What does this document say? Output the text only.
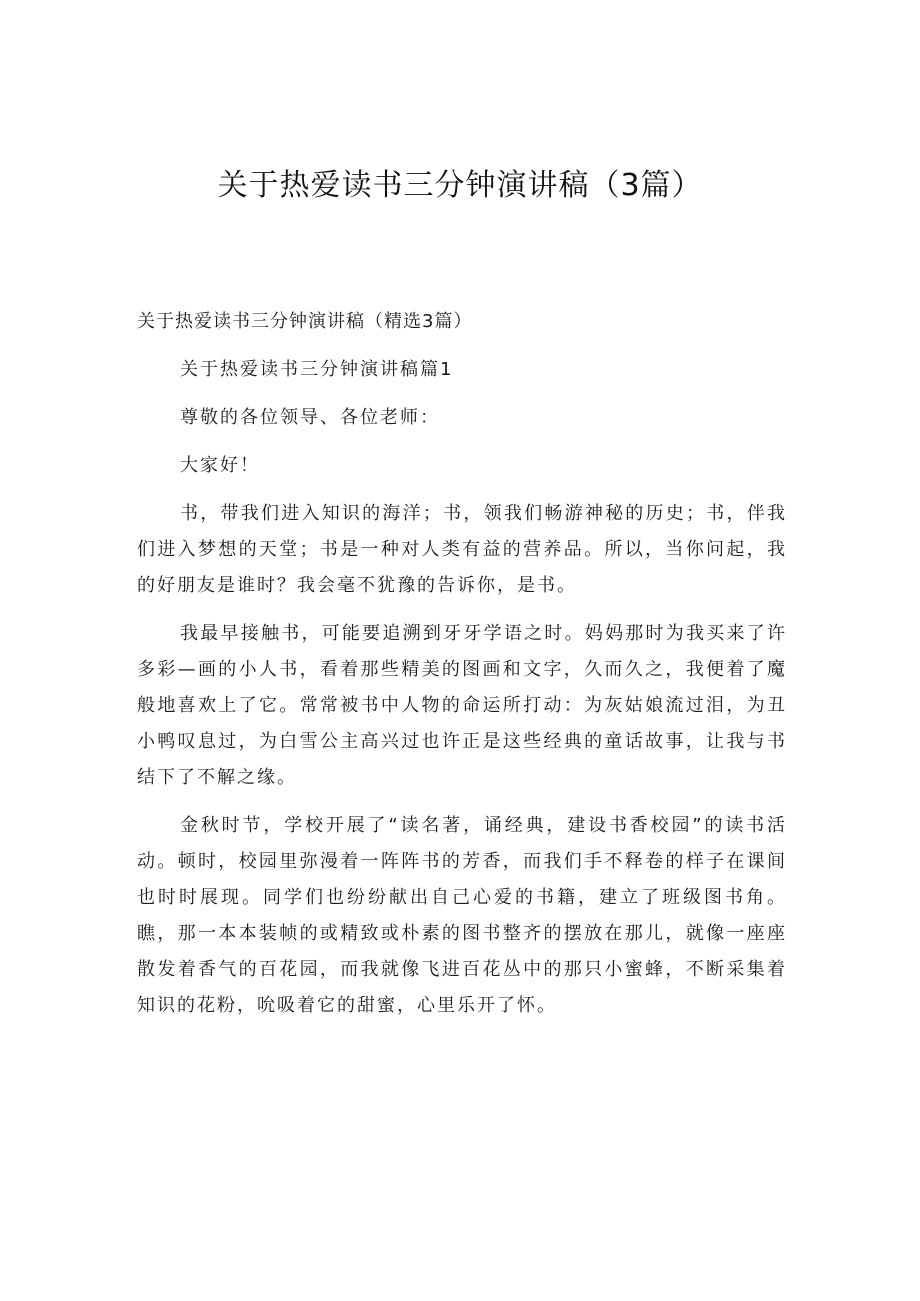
关于热爱读书三分钟演讲稿（3篇）

关于热爱读书三分钟演讲稿（精选3篇）

关于热爱读书三分钟演讲稿篇1

尊敬的各位领导、各位老师：

大家好！

书，带我们进入知识的海洋；书，领我们畅游神秘的历史；书，伴我们进入梦想的天堂；书是一种对人类有益的营养品。所以，当你问起，我的好朋友是谁时？我会毫不犹豫的告诉你，是书。

我最早接触书，可能要追溯到牙牙学语之时。妈妈那时为我买来了许多彩—画的小人书，看着那些精美的图画和文字，久而久之，我便着了魔般地喜欢上了它。常常被书中人物的命运所打动：为灰姑娘流过泪，为丑小鸭叹息过，为白雪公主高兴过也许正是这些经典的童话故事，让我与书结下了不解之缘。

金秋时节，学校开展了“读名著，诵经典，建设书香校园”的读书活动。顿时，校园里弥漫着一阵阵书的芳香，而我们手不释卷的样子在课间也时时展现。同学们也纷纷献出自己心爱的书籍，建立了班级图书角。瞧，那一本本装帧的或精致或朴素的图书整齐的摆放在那儿，就像一座座散发着香气的百花园，而我就像飞进百花丛中的那只小蜜蜂，不断采集着知识的花粉，吮吸着它的甜蜜，心里乐开了怀。
